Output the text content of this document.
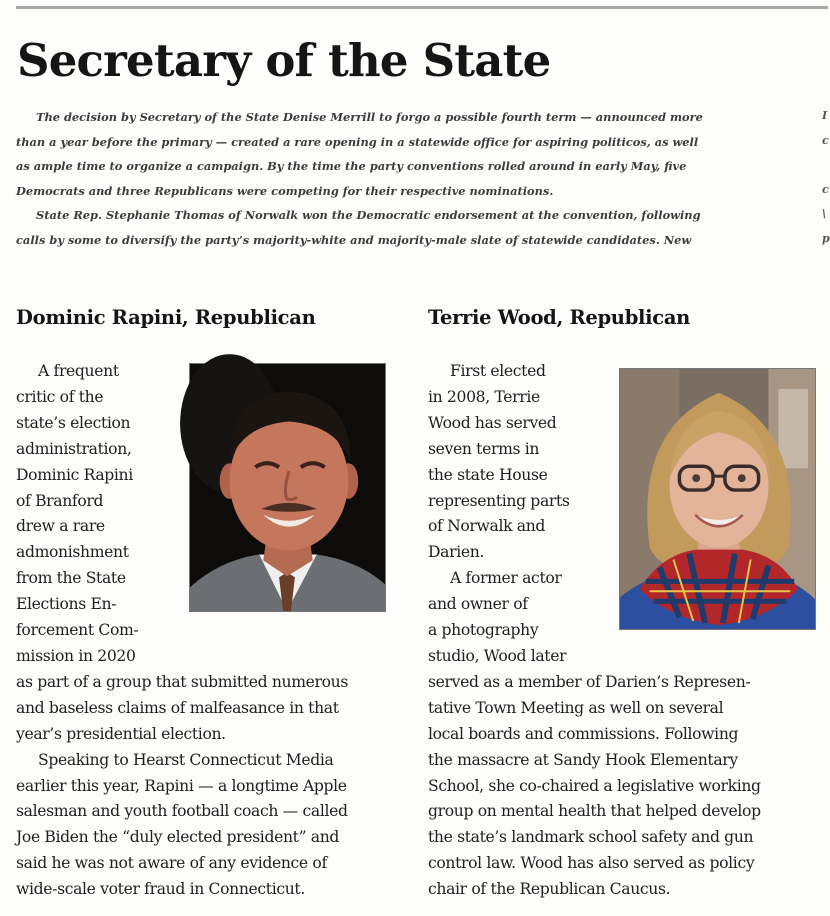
Secretary of the State

The decision by Secretary of the State Denise Merrill to forgo a possible fourth term — announced more
than a year before the primary — created a rare opening in a statewide office for aspiring politicos, as well
as ample time to organize a campaign. By the time the party conventions rolled around in early May, five
Democrats and three Republicans were competing for their respective nominations.

State Rep. Stephanie Thomas of Norwalk won the Democratic endorsement at the convention, following
calls by some to diversify the party’s majority-white and majority-male slate of statewide candidates. New

I
c
c
\
p
Dominic Rapini, Republican
A frequent
critic of the
state’s election
administration,
Dominic Rapini
of Branford
drew a rare
admonishment
from the State
Elections En-
forcement Com-
mission in 2020
as part of a group that submitted numerous
and baseless claims of malfeasance in that
year’s presidential election.
Speaking to Hearst Connecticut Media
earlier this year, Rapini — a longtime Apple
salesman and youth football coach — called
Joe Biden the “duly elected president” and
said he was not aware of any evidence of
wide-scale voter fraud in Connecticut.
Terrie Wood, Republican
First elected
in 2008, Terrie
Wood has served
seven terms in
the state House
representing parts
of Norwalk and
Darien.
A former actor
and owner of
a photography
studio, Wood later
served as a member of Darien’s Represen-
tative Town Meeting as well on several
local boards and commissions. Following
the massacre at Sandy Hook Elementary
School, she co-chaired a legislative working
group on mental health that helped develop
the state’s landmark school safety and gun
control law. Wood has also served as policy
chair of the Republican Caucus.
